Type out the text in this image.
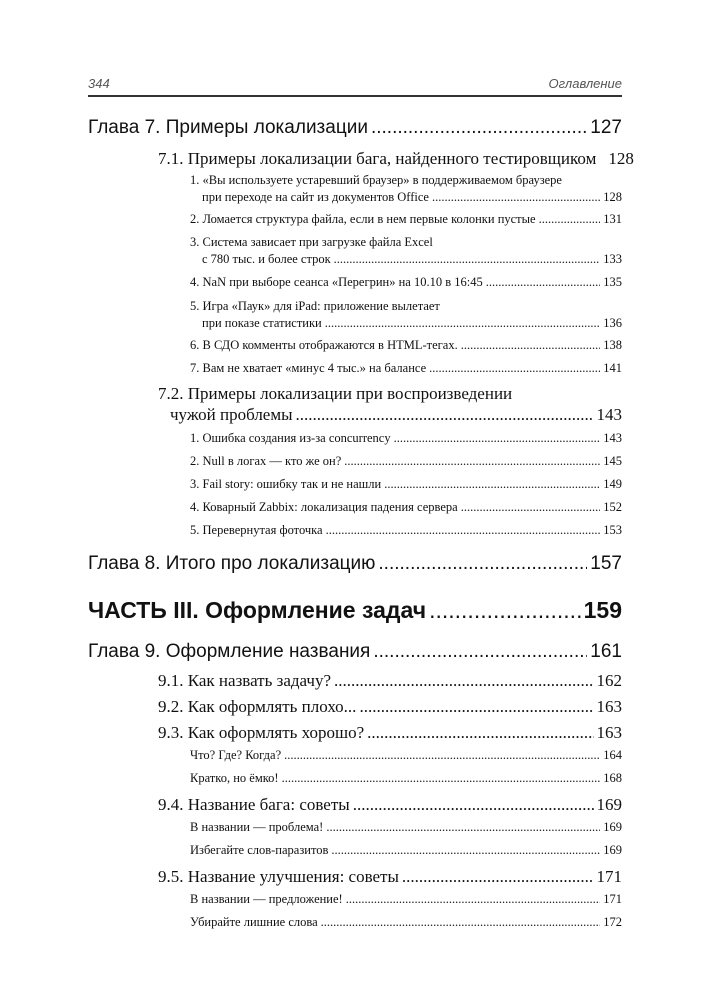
344	Оглавление
Глава 7. Примеры локализации .....	127
7.1. Примеры локализации бага, найденного тестировщиком 128
1. «Вы используете устаревший браузер» в поддерживаемом браузере
при переходе на сайт из документов Office .....	128
2. Ломается структура файла, если в нем первые колонки пустые .....	131
3. Система зависает при загрузке файла Excel
с 780 тыс. и более строк .....	133
4. NaN при выборе сеанса «Перегрин» на 10.10 в 16:45 .....	135
5. Игра «Паук» для iPad: приложение вылетает
при показе статистики .....	136
6. В СДО комменты отображаются в HTML-тегах. .....	138
7. Вам не хватает «минус 4 тыс.» на балансе .....	141
7.2. Примеры локализации при воспроизведении
чужой проблемы .....	143
1. Ошибка создания из-за concurrency .....	143
2. Null в логах — кто же он? .....	145
3. Fail story: ошибку так и не нашли .....	149
4. Коварный Zabbix: локализация падения сервера .....	152
5. Перевернутая фоточка .....	153
Глава 8. Итого про локализацию .....	157
ЧАСТЬ III. Оформление задач .....	159
Глава 9. Оформление названия .....	161
9.1. Как назвать задачу? .....	162
9.2. Как оформлять плохо... .....	163
9.3. Как оформлять хорошо? .....	163
Что? Где? Когда? .....	164
Кратко, но ёмко! .....	168
9.4. Название бага: советы .....	169
В названии — проблема! .....	169
Избегайте слов-паразитов .....	169
9.5. Название улучшения: советы .....	171
В названии — предложение! .....	171
Убирайте лишние слова .....	172
